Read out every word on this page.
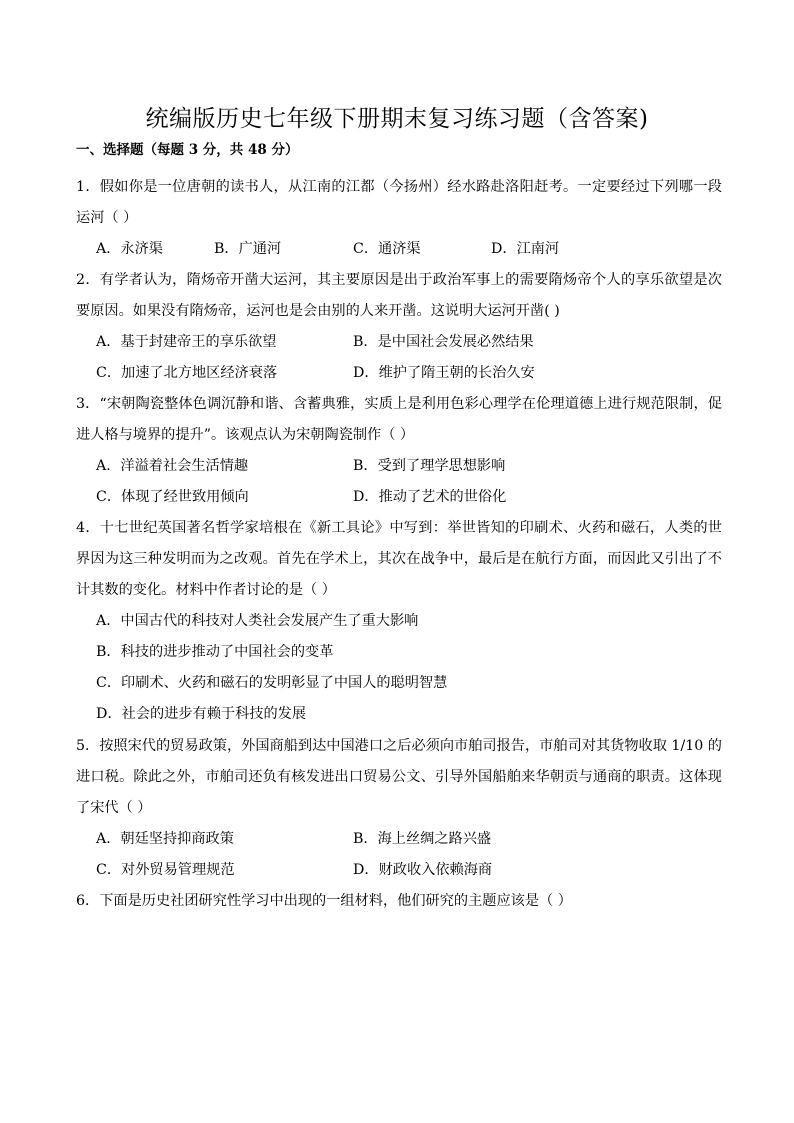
统编版历史七年级下册期末复习练习题（含答案)
一、选择题（每题 3 分，共 48 分）

1．假如你是一位唐朝的读书人，从江南的江都（今扬州）经水路赴洛阳赶考。一定要经过下列哪一段运河（ ）

A．永济渠	B．广通河	C．通济渠	D．江南河

2．有学者认为，隋炀帝开凿大运河，其主要原因是出于政治军事上的需要隋炀帝个人的享乐欲望是次要原因。如果没有隋炀帝，运河也是会由别的人来开凿。这说明大运河开凿( )

A．基于封建帝王的享乐欲望	B．是中国社会发展必然结果
C．加速了北方地区经济衰落	D．维护了隋王朝的长治久安

3．“宋朝陶瓷整体色调沉静和谐、含蓄典雅，实质上是利用色彩心理学在伦理道德上进行规范限制，促进人格与境界的提升”。该观点认为宋朝陶瓷制作（ ）

A．洋溢着社会生活情趣	B．受到了理学思想影响
C．体现了经世致用倾向	D．推动了艺术的世俗化

4．十七世纪英国著名哲学家培根在《新工具论》中写到：举世皆知的印刷术、火药和磁石，人类的世界因为这三种发明而为之改观。首先在学术上，其次在战争中，最后是在航行方面，而因此又引出了不计其数的变化。材料中作者讨论的是（ ）

A．中国古代的科技对人类社会发展产生了重大影响
B．科技的进步推动了中国社会的变革
C．印刷术、火药和磁石的发明彰显了中国人的聪明智慧
D．社会的进步有赖于科技的发展

5．按照宋代的贸易政策，外国商船到达中国港口之后必须向市舶司报告，市舶司对其货物收取 1/10 的进口税。除此之外，市舶司还负有核发进出口贸易公文、引导外国船舶来华朝贡与通商的职责。这体现了宋代（ ）

A．朝廷坚持抑商政策	B．海上丝绸之路兴盛
C．对外贸易管理规范	D．财政收入依赖海商

6．下面是历史社团研究性学习中出现的一组材料，他们研究的主题应该是（ ）
